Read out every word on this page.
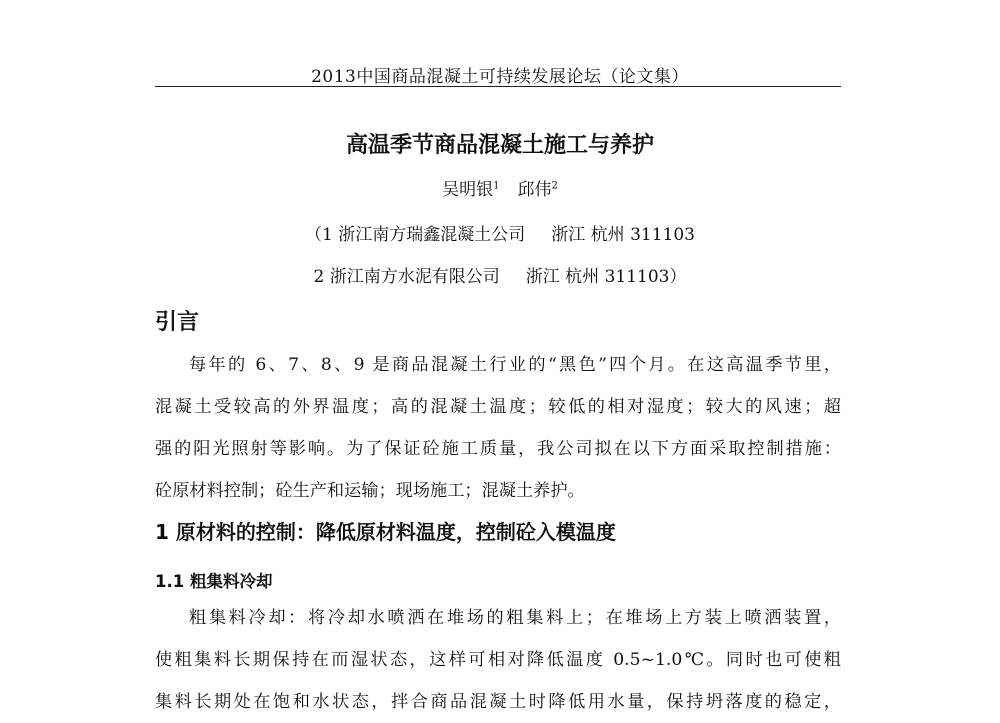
2013中国商品混凝土可持续发展论坛（论文集）
高温季节商品混凝土施工与养护
吴明银$^1$ 邱伟$^2$
（1 浙江南方瑞鑫混凝土公司 浙江 杭州 311103
2 浙江南方水泥有限公司 浙江 杭州 311103）
引言
每年的 6、7、8、9 是商品混凝土行业的“黑色”四个月。在这高温季节里，
混凝土受较高的外界温度；高的混凝土温度；较低的相对湿度；较大的风速；超
强的阳光照射等影响。为了保证砼施工质量，我公司拟在以下方面采取控制措施：
砼原材料控制；砼生产和运输；现场施工；混凝土养护。
1 原材料的控制：降低原材料温度，控制砼入模温度
1.1 粗集料冷却
粗集料冷却：将冷却水喷洒在堆场的粗集料上；在堆场上方装上喷洒装置，
使粗集料长期保持在而湿状态，这样可相对降低温度 0.5~1.0℃。同时也可使粗
集料长期处在饱和水状态，拌合商品混凝土时降低用水量，保持坍落度的稳定，
